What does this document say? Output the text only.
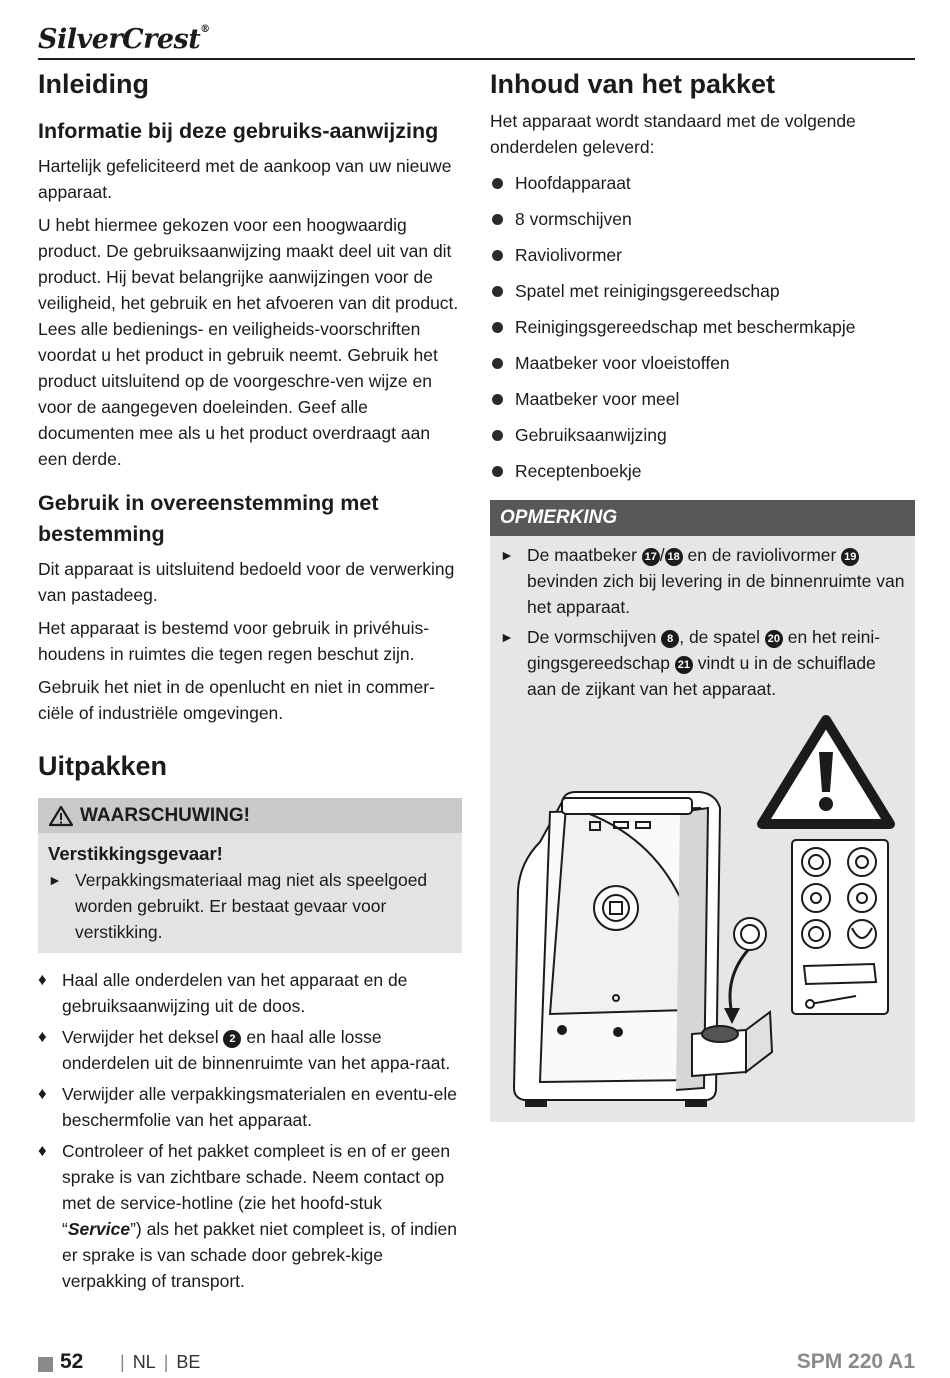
SilverCrest®
Inleiding
Informatie bij deze gebruiks-aanwijzing

Hartelijk gefeliciteerd met de aankoop van uw nieuwe apparaat.

U hebt hiermee gekozen voor een hoogwaardig product. De gebruiksaanwijzing maakt deel uit van dit product. Hij bevat belangrijke aanwijzingen voor de veiligheid, het gebruik en het afvoeren van dit product. Lees alle bedienings- en veiligheids-voorschriften voordat u het product in gebruik neemt. Gebruik het product uitsluitend op de voorgeschre-ven wijze en voor de aangegeven doeleinden. Geef alle documenten mee als u het product overdraagt aan een derde.

Gebruik in overeenstemming met bestemming

Dit apparaat is uitsluitend bedoeld voor de verwerking van pastadeeg.

Het apparaat is bestemd voor gebruik in privéhuis-houdens in ruimtes die tegen regen beschut zijn.

Gebruik het niet in de openlucht en niet in commer-ciële of industriële omgevingen.

Uitpakken
WAARSCHUWING!
Verstikkingsgevaar!
► Verpakkingsmateriaal mag niet als speelgoed worden gebruikt. Er bestaat gevaar voor verstikking.
♦ Haal alle onderdelen van het apparaat en de gebruiksaanwijzing uit de doos.
♦ Verwijder het deksel 2 en haal alle losse onderdelen uit de binnenruimte van het appa-raat.
♦ Verwijder alle verpakkingsmaterialen en eventu-ele beschermfolie van het apparaat.
♦ Controleer of het pakket compleet is en of er geen sprake is van zichtbare schade. Neem contact op met de service-hotline (zie het hoofd-stuk “Service”) als het pakket niet compleet is, of indien er sprake is van schade door gebrek-kige verpakking of transport.
Inhoud van het pakket

Het apparaat wordt standaard met de volgende onderdelen geleverd:

Hoofdapparaat
8 vormschijven
Raviolivormer
Spatel met reinigingsgereedschap
Reinigingsgereedschap met beschermkapje
Maatbeker voor vloeistoffen
Maatbeker voor meel
Gebruiksaanwijzing
Receptenboekje
OPMERKING
► De maatbeker 17 / 18 en de raviolivormer 19 bevinden zich bij levering in de binnenruimte van het apparaat.
► De vormschijven 8 , de spatel 20 en het reini-gingsgereedschap 21 vindt u in de schuiflade aan de zijkant van het apparaat.
52	| NL | BE	SPM 220 A1
